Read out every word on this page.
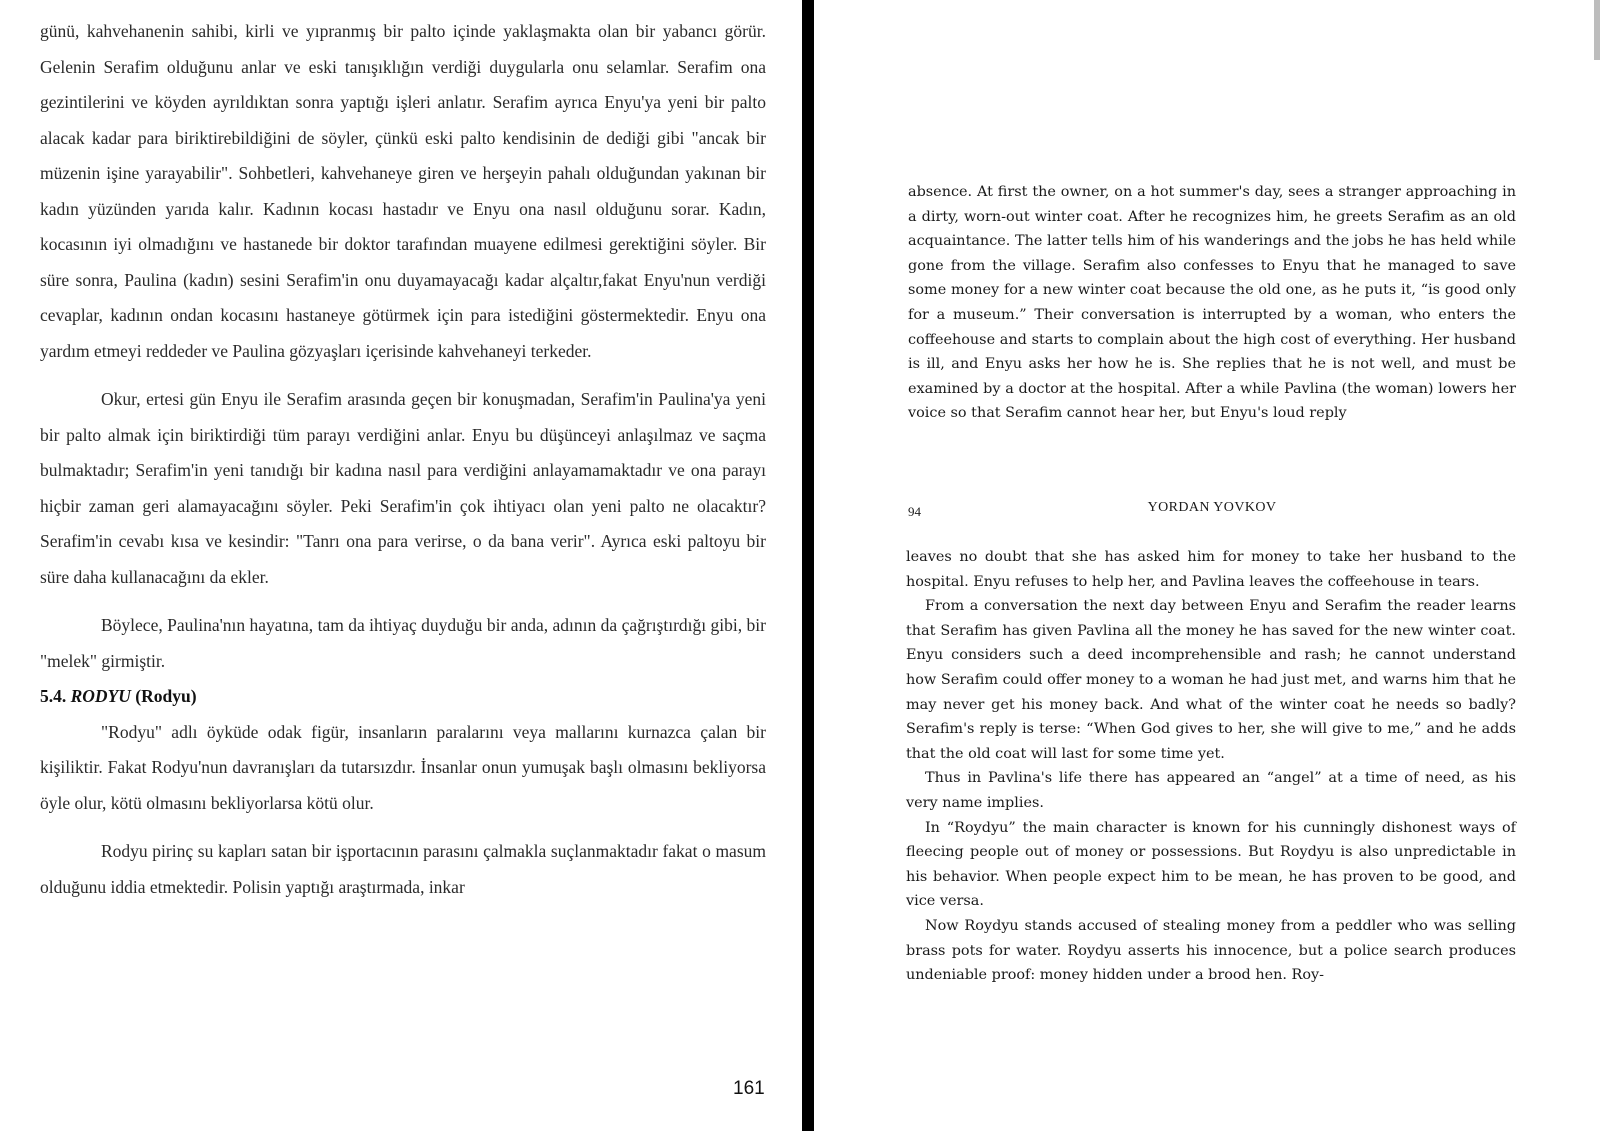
günü, kahvehanenin sahibi, kirli ve yıpranmış bir palto içinde yaklaşmakta olan bir yabancı görür. Gelenin Serafim olduğunu anlar ve eski tanışıklığın verdiği duygularla onu selamlar. Serafim ona gezintilerini ve köyden ayrıldıktan sonra yaptığı işleri anlatır. Serafim ayrıca Enyu'ya yeni bir palto alacak kadar para biriktirebildiğini de söyler, çünkü eski palto kendisinin de dediği gibi "ancak bir müzenin işine yarayabilir". Sohbetleri, kahvehaneye giren ve herşeyin pahalı olduğundan yakınan bir kadın yüzünden yarıda kalır. Kadının kocası hastadır ve Enyu ona nasıl olduğunu sorar. Kadın, kocasının iyi olmadığını ve hastanede bir doktor tarafından muayene edilmesi gerektiğini söyler. Bir süre sonra, Paulina (kadın) sesini Serafim'in onu duyamayacağı kadar alçaltır,fakat Enyu'nun verdiği cevaplar, kadının ondan kocasını hastaneye götürmek için para istediğini göstermektedir. Enyu ona yardım etmeyi reddeder ve Paulina gözyaşları içerisinde kahvehaneyi terkeder.

Okur, ertesi gün Enyu ile Serafim arasında geçen bir konuşmadan, Serafim'in Paulina'ya yeni bir palto almak için biriktirdiği tüm parayı verdiğini anlar. Enyu bu düşünceyi anlaşılmaz ve saçma bulmaktadır; Serafim'in yeni tanıdığı bir kadına nasıl para verdiğini anlayamamaktadır ve ona parayı hiçbir zaman geri alamayacağını söyler. Peki Serafim'in çok ihtiyacı olan yeni palto ne olacaktır? Serafim'in cevabı kısa ve kesindir: "Tanrı ona para verirse, o da bana verir". Ayrıca eski paltoyu bir süre daha kullanacağını da ekler.

Böylece, Paulina'nın hayatına, tam da ihtiyaç duyduğu bir anda, adının da çağrıştırdığı gibi, bir "melek" girmiştir.

5.4. RODYU (Rodyu)

"Rodyu" adlı öyküde odak figür, insanların paralarını veya mallarını kurnazca çalan bir kişiliktir. Fakat Rodyu'nun davranışları da tutarsızdır. İnsanlar onun yumuşak başlı olmasını bekliyorsa öyle olur, kötü olmasını bekliyorlarsa kötü olur.

Rodyu pirinç su kapları satan bir işportacının parasını çalmakla suçlanmaktadır fakat o masum olduğunu iddia etmektedir. Polisin yaptığı araştırmada, inkar

161

absence. At first the owner, on a hot summer's day, sees a stranger approaching in a dirty, worn-out winter coat. After he recognizes him, he greets Serafim as an old acquaintance. The latter tells him of his wanderings and the jobs he has held while gone from the village. Serafim also confesses to Enyu that he managed to save some money for a new winter coat because the old one, as he puts it, “is good only for a museum.” Their conversation is interrupted by a woman, who enters the coffeehouse and starts to complain about the high cost of everything. Her husband is ill, and Enyu asks her how he is. She replies that he is not well, and must be examined by a doctor at the hospital. After a while Pavlina (the woman) lowers her voice so that Serafim cannot hear her, but Enyu's loud reply

YORDAN YOVKOV
94

leaves no doubt that she has asked him for money to take her husband to the hospital. Enyu refuses to help her, and Pavlina leaves the coffeehouse in tears.

From a conversation the next day between Enyu and Serafim the reader learns that Serafim has given Pavlina all the money he has saved for the new winter coat. Enyu considers such a deed incomprehensible and rash; he cannot understand how Serafim could offer money to a woman he had just met, and warns him that he may never get his money back. And what of the winter coat he needs so badly? Serafim's reply is terse: “When God gives to her, she will give to me,” and he adds that the old coat will last for some time yet.

Thus in Pavlina's life there has appeared an “angel” at a time of need, as his very name implies.

In “Roydyu” the main character is known for his cunningly dishonest ways of fleecing people out of money or possessions. But Roydyu is also unpredictable in his behavior. When people expect him to be mean, he has proven to be good, and vice versa.

Now Roydyu stands accused of stealing money from a peddler who was selling brass pots for water. Roydyu asserts his innocence, but a police search produces undeniable proof: money hidden under a brood hen. Roy-
